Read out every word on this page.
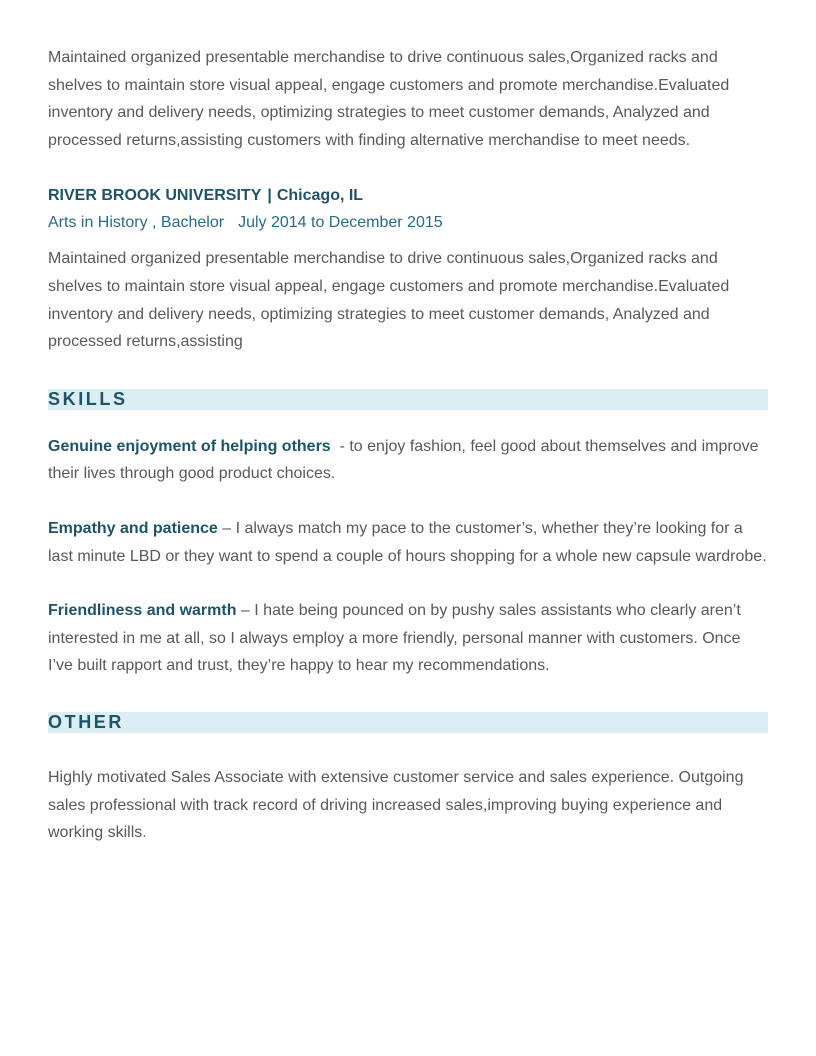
Maintained organized presentable merchandise to drive continuous sales,Organized racks and shelves to maintain store visual appeal, engage customers and promote merchandise.Evaluated inventory and delivery needs, optimizing strategies to meet customer demands, Analyzed and processed returns,assisting customers with finding alternative merchandise to meet needs.

RIVER BROOK UNIVERSITY | Chicago, IL
Arts in History , Bachelor July 2014 to December 2015

Maintained organized presentable merchandise to drive continuous sales,Organized racks and shelves to maintain store visual appeal, engage customers and promote merchandise.Evaluated inventory and delivery needs, optimizing strategies to meet customer demands, Analyzed and processed returns,assisting

SKILLS

Genuine enjoyment of helping others  - to enjoy fashion, feel good about themselves and improve their lives through good product choices.

Empathy and patience – I always match my pace to the customer’s, whether they’re looking for a last minute LBD or they want to spend a couple of hours shopping for a whole new capsule wardrobe.

Friendliness and warmth – I hate being pounced on by pushy sales assistants who clearly aren’t interested in me at all, so I always employ a more friendly, personal manner with customers. Once I’ve built rapport and trust, they’re happy to hear my recommendations.

OTHER

Highly motivated Sales Associate with extensive customer service and sales experience. Outgoing sales professional with track record of driving increased sales,improving buying experience and working skills.
